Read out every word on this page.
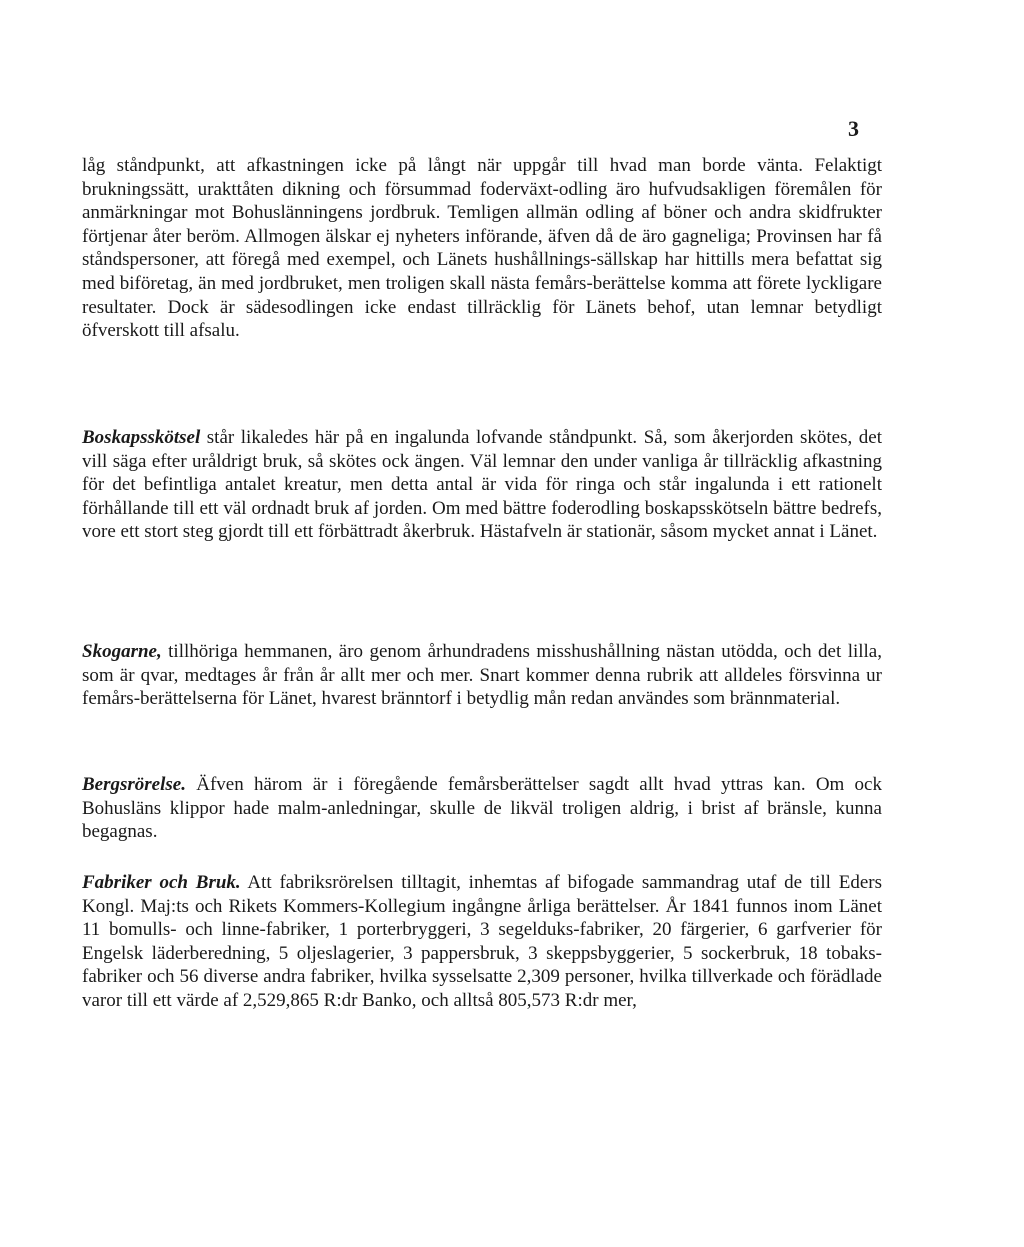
3

låg ståndpunkt, att afkastningen icke på långt när uppgår till hvad man borde vänta. Felaktigt brukningssätt, urakttåten dikning och försummad foderväxt-odling äro hufvudsakligen föremålen för anmärkningar mot Bohuslänningens jordbruk. Temligen allmän odling af böner och andra skidfrukter förtjenar åter beröm. Allmogen älskar ej nyheters införande, äfven då de äro gagneliga; Provinsen har få ståndspersoner, att föregå med exempel, och Länets hushållnings-sällskap har hittills mera befattat sig med biföretag, än med jordbruket, men troligen skall nästa femårs-berättelse komma att förete lyckligare resultater. Dock är sädesodlingen icke endast tillräcklig för Länets behof, utan lemnar betydligt öfverskott till afsalu.

Boskapsskötsel står likaledes här på en ingalunda lofvande ståndpunkt. Så, som åkerjorden skötes, det vill säga efter uråldrigt bruk, så skötes ock ängen. Väl lemnar den under vanliga år tillräcklig afkastning för det befintliga antalet kreatur, men detta antal är vida för ringa och står ingalunda i ett rationelt förhållande till ett väl ordnadt bruk af jorden. Om med bättre foderodling boskapsskötseln bättre bedrefs, vore ett stort steg gjordt till ett förbättradt åkerbruk. Hästafveln är stationär, såsom mycket annat i Länet.

Skogarne, tillhöriga hemmanen, äro genom århundradens misshushållning nästan utödda, och det lilla, som är qvar, medtages år från år allt mer och mer. Snart kommer denna rubrik att alldeles försvinna ur femårs-berättelserna för Länet, hvarest bränntorf i betydlig mån redan användes som brännmaterial.

Bergsrörelse. Äfven härom är i föregående femårsberättelser sagdt allt hvad yttras kan. Om ock Bohusläns klippor hade malm-anledningar, skulle de likväl troligen aldrig, i brist af bränsle, kunna begagnas.

Fabriker och Bruk. Att fabriksrörelsen tilltagit, inhemtas af bifogade sammandrag utaf de till Eders Kongl. Maj:ts och Rikets Kommers-Kollegium ingångne årliga berättelser. År 1841 funnos inom Länet 11 bomulls- och linne-fabriker, 1 porterbryggeri, 3 segelduks-fabriker, 20 färgerier, 6 garfverier för Engelsk läderberedning, 5 oljeslagerier, 3 pappersbruk, 3 skeppsbyggerier, 5 sockerbruk, 18 tobaks-fabriker och 56 diverse andra fabriker, hvilka sysselsatte 2,309 personer, hvilka tillverkade och förädlade varor till ett värde af 2,529,865 R:dr Banko, och alltså 805,573 R:dr mer,
